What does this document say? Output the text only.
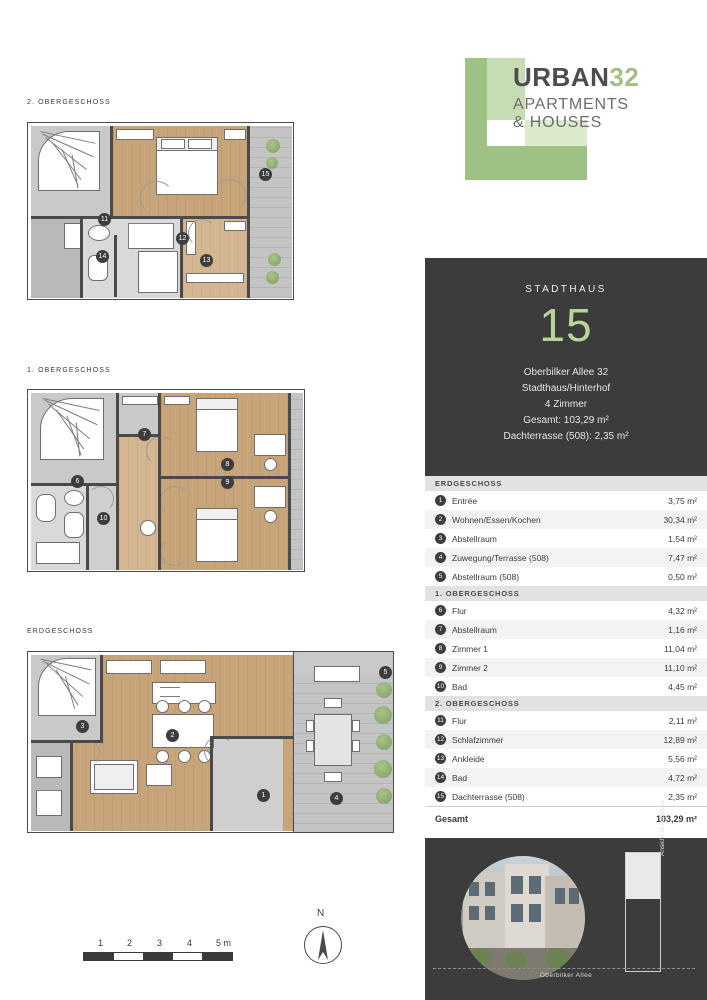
2. OBERGESCHOSS
11
12
13
14
15
1. OBERGESCHOSS
6
7
8
9
10
ERDGESCHOSS
1
2
3
4
5
1	2	3	4	5 m
N
URBAN32
APARTMENTS
& HOUSES
STADTHAUS
15
Oberbilker Allee 32
Stadthaus/Hinterhof
4 Zimmer
Gesamt: 103,29 m²
Dachterrasse (508): 2,35 m²
ERDGESCHOSS
1	Entrée	3,75 m²
2	Wohnen/Essen/Kochen	30,34 m²
3	Abstellraum	1,54 m²
4	Zuwegung/Terrasse (508)	7,47 m²
5	Abstellraum (508)	0,50 m²
1. OBERGESCHOSS
6	Flur	4,32 m²
7	Abstellraum	1,16 m²
8	Zimmer 1	11,04 m²
9	Zimmer 2	11,10 m²
10 Bad	4,45 m²
2. OBERGESCHOSS
11 Flur	2,11 m²
12 Schlafzimmer	12,89 m²
13 Ankleide	5,56 m²
14 Bad	4,72 m²
15 Dachterrasse (508)	2,35 m²
Gesamt	103,29 m²
Ansicht Grundstück
Oberbilker Allee
